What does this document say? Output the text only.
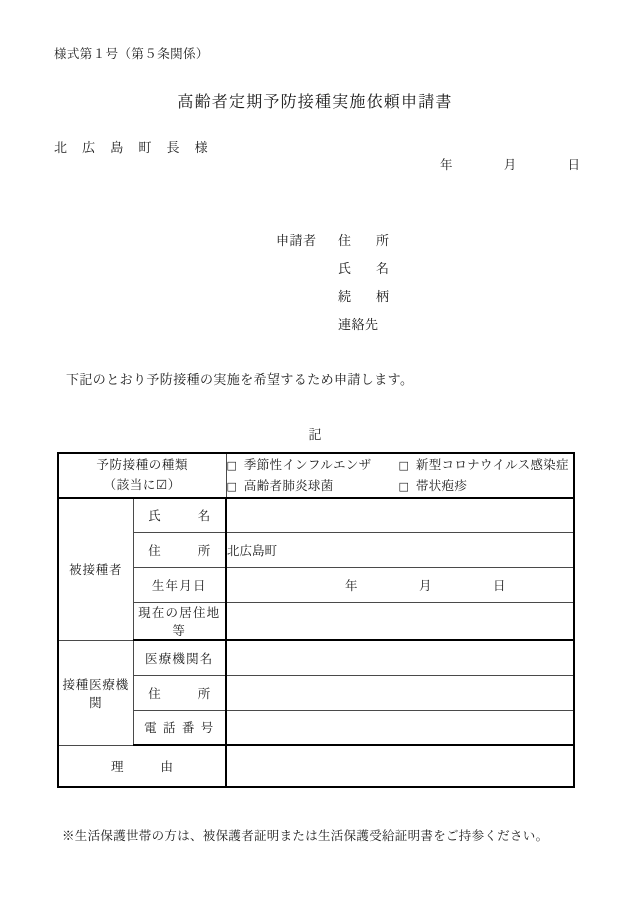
様式第１号（第５条関係）
高齢者定期予防接種実施依頼申請書
北 広 島 町 長 様
年	月	日
申請者	住　所
氏　名
続　柄
連絡先
下記のとおり予防接種の実施を希望するため申請します。
記
予防接種の種類
（該当に☑）

□ 季節性インフルエンザ □ 新型コロナウイルス感染症
□ 高齢者肺炎球菌	□ 帯状疱疹

被接種者	氏　　名	
	住　　所	北広島町
	生年月日	年 月 日

	現在の居住地等	
接種医療機関	医療機関名	
	住　　所	
	電 話 番 号	
理　　由		
※生活保護世帯の方は、被保護者証明または生活保護受給証明書をご持参ください。
